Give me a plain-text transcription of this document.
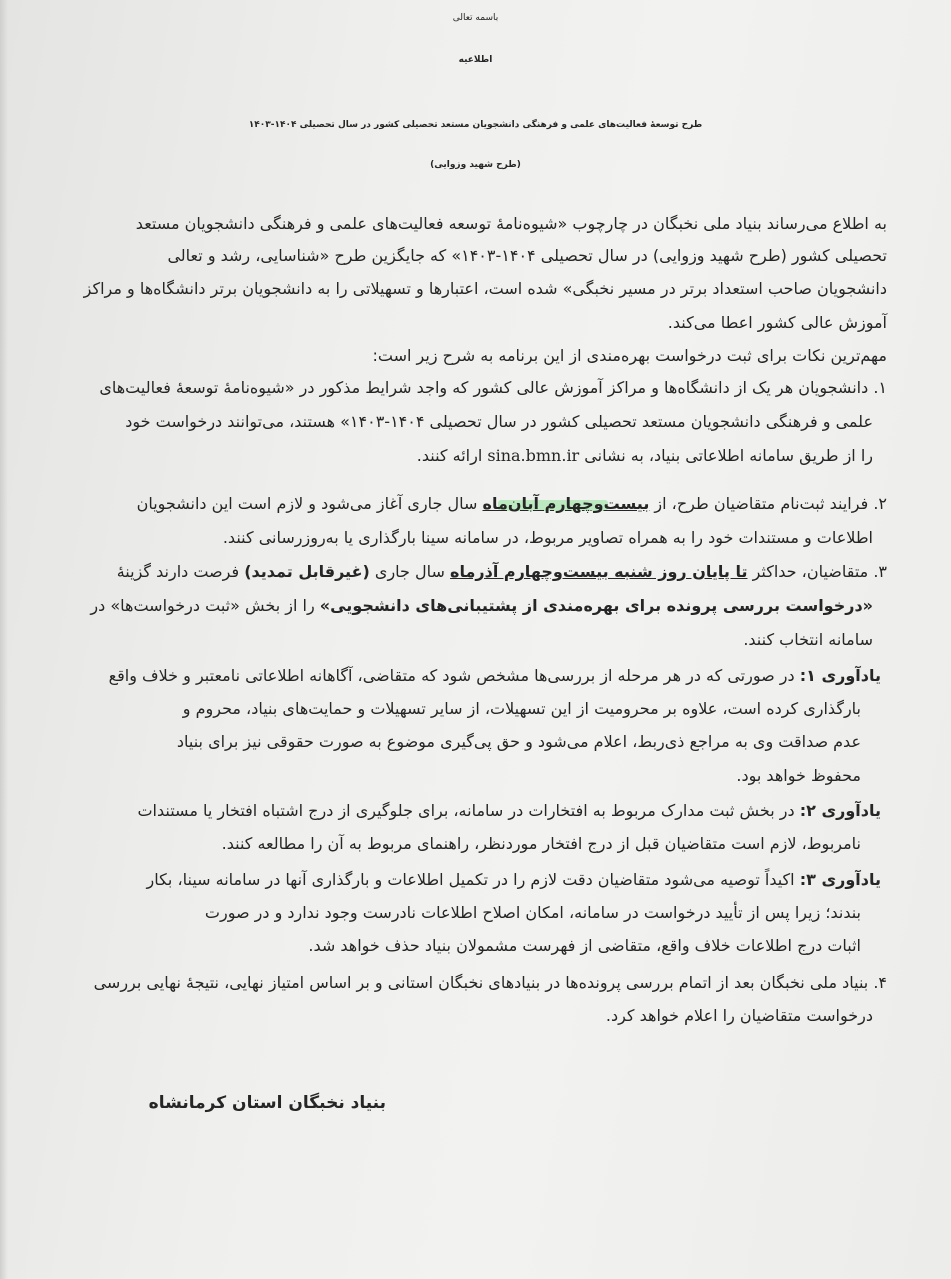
باسمه تعالی
اطلاعیه
طرح توسعۀ فعالیت‌های علمی و فرهنگی دانشجویان مستعد تحصیلی کشور در سال تحصیلی ۱۴۰۴-۱۴۰۳
(طرح شهید وزوایی)
به اطلاع می‌رساند بنیاد ملی نخبگان در چارچوب «شیوه‌نامۀ توسعه فعالیت‌های علمی و فرهنگی دانشجویان مستعد
تحصیلی کشور (طرح شهید وزوایی) در سال تحصیلی ۱۴۰۴-۱۴۰۳» که جایگزین طرح «شناسایی، رشد و تعالی
دانشجویان صاحب استعداد برتر در مسیر نخبگی» شده است، اعتبارها و تسهیلاتی را به دانشجویان برتر دانشگاه‌ها و مراکز
آموزش عالی کشور اعطا می‌کند.
مهم‌ترین نکات برای ثبت درخواست بهره‌مندی از این برنامه به شرح زیر است:
۱. دانشجویان هر یک از دانشگاه‌ها و مراکز آموزش عالی کشور که واجد شرایط مذکور در «شیوه‌نامۀ توسعۀ فعالیت‌های
علمی و فرهنگی دانشجویان مستعد تحصیلی کشور در سال تحصیلی ۱۴۰۴-۱۴۰۳» هستند، می‌توانند درخواست خود
را از طریق سامانه اطلاعاتی بنیاد، به نشانی sina.bmn.ir ارائه کنند.
۲. فرایند ثبت‌نام متقاضیان طرح، از بیست‌وچهارم آبان‌ماه سال جاری آغاز می‌شود و لازم است این دانشجویان
اطلاعات و مستندات خود را به همراه تصاویر مربوط، در سامانه سینا بارگذاری یا به‌روزرسانی کنند.
۳. متقاضیان، حداکثر تا پایان روز شنبه بیست‌وچهارم آذرماه سال جاری (غیرقابل تمدید) فرصت دارند گزینۀ
«درخواست بررسی پرونده برای بهره‌مندی از پشتیبانی‌های دانشجویی» را از بخش «ثبت درخواست‌ها» در
سامانه انتخاب کنند.
یادآوری ۱: در صورتی که در هر مرحله از بررسی‌ها مشخص شود که متقاضی، آگاهانه اطلاعاتی نامعتبر و خلاف واقع
بارگذاری کرده است، علاوه بر محرومیت از این تسهیلات، از سایر تسهیلات و حمایت‌های بنیاد، محروم و
عدم صداقت وی به مراجع ذی‌ربط، اعلام می‌شود و حق پی‌گیری موضوع به صورت حقوقی نیز برای بنیاد
محفوظ خواهد بود.
یادآوری ۲: در بخش ثبت مدارک مربوط به افتخارات در سامانه، برای جلوگیری از درج اشتباه افتخار یا مستندات
نامربوط، لازم است متقاضیان قبل از درج افتخار موردنظر، راهنمای مربوط به آن را مطالعه کنند.
یادآوری ۳: اکیداً توصیه می‌شود متقاضیان دقت لازم را در تکمیل اطلاعات و بارگذاری آنها در سامانه سینا، بکار
بندند؛ زیرا پس از تأیید درخواست در سامانه، امکان اصلاح اطلاعات نادرست وجود ندارد و در صورت
اثبات درج اطلاعات خلاف واقع، متقاضی از فهرست مشمولان بنیاد حذف خواهد شد.
۴. بنیاد ملی نخبگان بعد از اتمام بررسی پرونده‌ها در بنیادهای نخبگان استانی و بر اساس امتیاز نهایی، نتیجۀ نهایی بررسی
درخواست متقاضیان را اعلام خواهد کرد.
بنیاد نخبگان استان کرمانشاه
